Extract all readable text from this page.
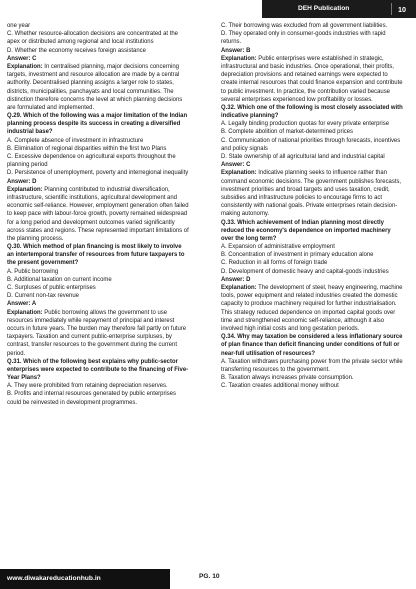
DEH Publication	10
one year
C. Whether resource-allocation decisions are concentrated at the apex or distributed among regional and local institutions
D. Whether the economy receives foreign assistance
Answer: C
Explanation: In centralised planning, major decisions concerning targets, investment and resource allocation are made by a central authority. Decentralised planning assigns a larger role to states, districts, municipalities, panchayats and local communities. The distinction therefore concerns the level at which planning decisions are formulated and implemented.
Q.29. Which of the following was a major limitation of the Indian planning process despite its success in creating a diversified industrial base?
A. Complete absence of investment in infrastructure
B. Elimination of regional disparities within the first two Plans
C. Excessive dependence on agricultural exports throughout the planning period
D. Persistence of unemployment, poverty and interregional inequality
Answer: D
Explanation: Planning contributed to industrial diversification, infrastructure, scientific institutions, agricultural development and economic self-reliance. However, employment generation often failed to keep pace with labour-force growth, poverty remained widespread for a long period and development outcomes varied significantly across states and regions. These represented important limitations of the planning process.
Q.30. Which method of plan financing is most likely to involve an intertemporal transfer of resources from future taxpayers to the present government?
A. Public borrowing
B. Additional taxation on current income
C. Surpluses of public enterprises
D. Current non-tax revenue
Answer: A
Explanation: Public borrowing allows the government to use resources immediately while repayment of principal and interest occurs in future years. The burden may therefore fall partly on future taxpayers. Taxation and current public-enterprise surpluses, by contrast, transfer resources to the government during the current period.
Q.31. Which of the following best explains why public-sector enterprises were expected to contribute to the financing of Five-Year Plans?
A. They were prohibited from retaining depreciation reserves.
B. Profits and internal resources generated by public enterprises could be reinvested in development programmes.
C. Their borrowing was excluded from all government liabilities.
D. They operated only in consumer-goods industries with rapid returns.
Answer: B
Explanation: Public enterprises were established in strategic, infrastructural and basic industries. Once operational, their profits, depreciation provisions and retained earnings were expected to create internal resources that could finance expansion and contribute to public investment. In practice, the contribution varied because several enterprises experienced low profitability or losses.
Q.32. Which one of the following is most closely associated with indicative planning?
A. Legally binding production quotas for every private enterprise
B. Complete abolition of market-determined prices
C. Communication of national priorities through forecasts, incentives and policy signals
D. State ownership of all agricultural land and industrial capital
Answer: C
Explanation: Indicative planning seeks to influence rather than command economic decisions. The government publishes forecasts, investment priorities and broad targets and uses taxation, credit, subsidies and infrastructure policies to encourage firms to act consistently with national goals. Private enterprises retain decision-making autonomy.
Q.33. Which achievement of Indian planning most directly reduced the economy's dependence on imported machinery over the long term?
A. Expansion of administrative employment
B. Concentration of investment in primary education alone
C. Reduction in all forms of foreign trade
D. Development of domestic heavy and capital-goods industries
Answer: D
Explanation: The development of steel, heavy engineering, machine tools, power equipment and related industries created the domestic capacity to produce machinery required for further industrialisation. This strategy reduced dependence on imported capital goods over time and strengthened economic self-reliance, although it also involved high initial costs and long gestation periods.
Q.34. Why may taxation be considered a less inflationary source of plan finance than deficit financing under conditions of full or near-full utilisation of resources?
A. Taxation withdraws purchasing power from the private sector while transferring resources to the government.
B. Taxation always increases private consumption.
C. Taxation creates additional money without
www.diwakareducationhub.in	PG. 10
